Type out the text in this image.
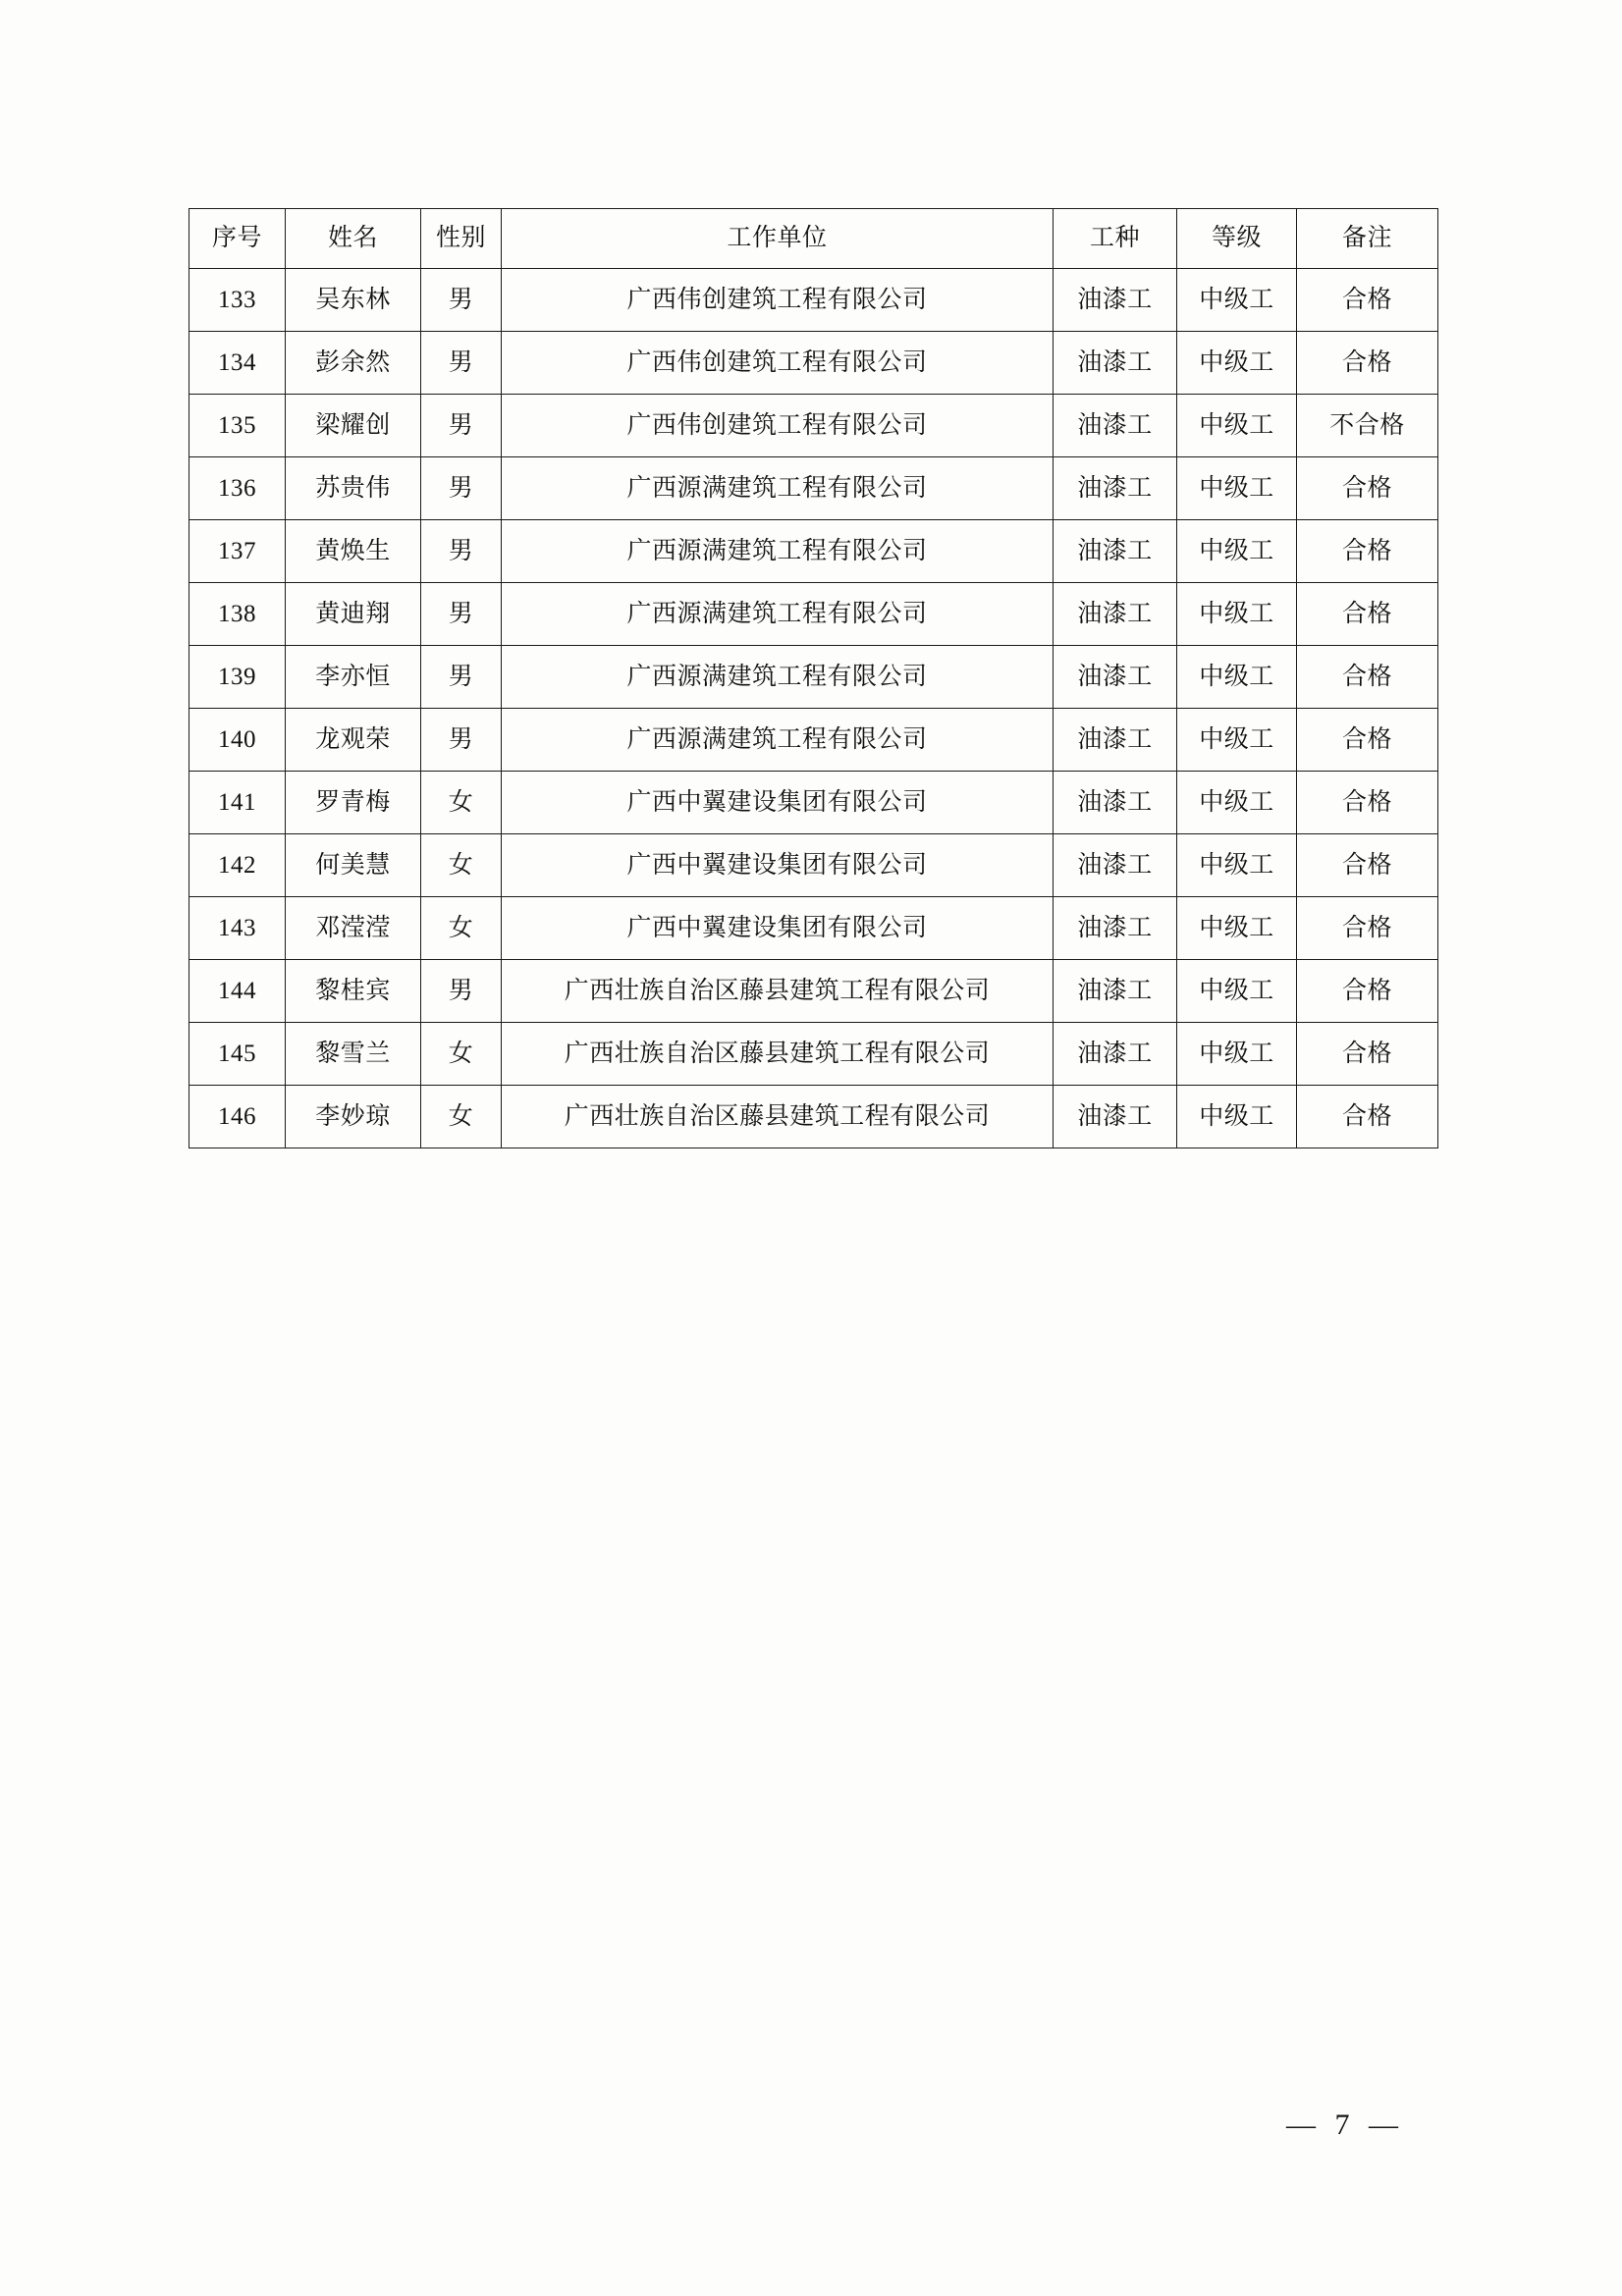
序号	姓名	性别	工作单位	工种	等级	备注
133	吴东林	男	广西伟创建筑工程有限公司	油漆工	中级工	合格
134	彭余然	男	广西伟创建筑工程有限公司	油漆工	中级工	合格
135	梁耀创	男	广西伟创建筑工程有限公司	油漆工	中级工	不合格
136	苏贵伟	男	广西源满建筑工程有限公司	油漆工	中级工	合格
137	黄焕生	男	广西源满建筑工程有限公司	油漆工	中级工	合格
138	黄迪翔	男	广西源满建筑工程有限公司	油漆工	中级工	合格
139	李亦恒	男	广西源满建筑工程有限公司	油漆工	中级工	合格
140	龙观荣	男	广西源满建筑工程有限公司	油漆工	中级工	合格
141	罗青梅	女	广西中翼建设集团有限公司	油漆工	中级工	合格
142	何美慧	女	广西中翼建设集团有限公司	油漆工	中级工	合格
143	邓滢滢	女	广西中翼建设集团有限公司	油漆工	中级工	合格
144	黎桂宾	男	广西壮族自治区藤县建筑工程有限公司	油漆工	中级工	合格
145	黎雪兰	女	广西壮族自治区藤县建筑工程有限公司	油漆工	中级工	合格
146	李妙琼	女	广西壮族自治区藤县建筑工程有限公司	油漆工	中级工	合格
— 7 —
